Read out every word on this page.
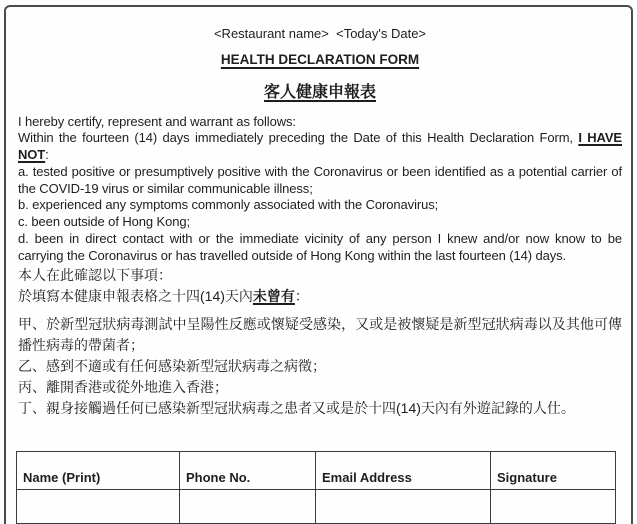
<Restaurant name>  <Today's Date>
HEALTH DECLARATION FORM
客人健康申報表
I hereby certify, represent and warrant as follows:
Within the fourteen (14) days immediately preceding the Date of this Health Declaration Form, I HAVE NOT:
a. tested positive or presumptively positive with the Coronavirus or been identified as a potential carrier of the COVID-19 virus or similar communicable illness;
b. experienced any symptoms commonly associated with the Coronavirus;
c. been outside of Hong Kong;
d. been in direct contact with or the immediate vicinity of any person I knew and/or now know to be carrying the Coronavirus or has travelled outside of Hong Kong within the last fourteen (14) days.
本人在此確認以下事項：
於填寫本健康申報表格之十四(14)天內未曾有：
甲、於新型冠狀病毒測試中呈陽性反應或懷疑受感染，又或是被懷疑是新型冠狀病毒以及其他可傳播性病毒的帶菌者；
乙、感到不適或有任何感染新型冠狀病毒之病徵；
丙、離開香港或從外地進入香港；
丁、親身接觸過任何已感染新型冠狀病毒之患者又或是於十四(14)天內有外遊記錄的人仕。
Name (Print)	Phone No.	Email Address	Signature
